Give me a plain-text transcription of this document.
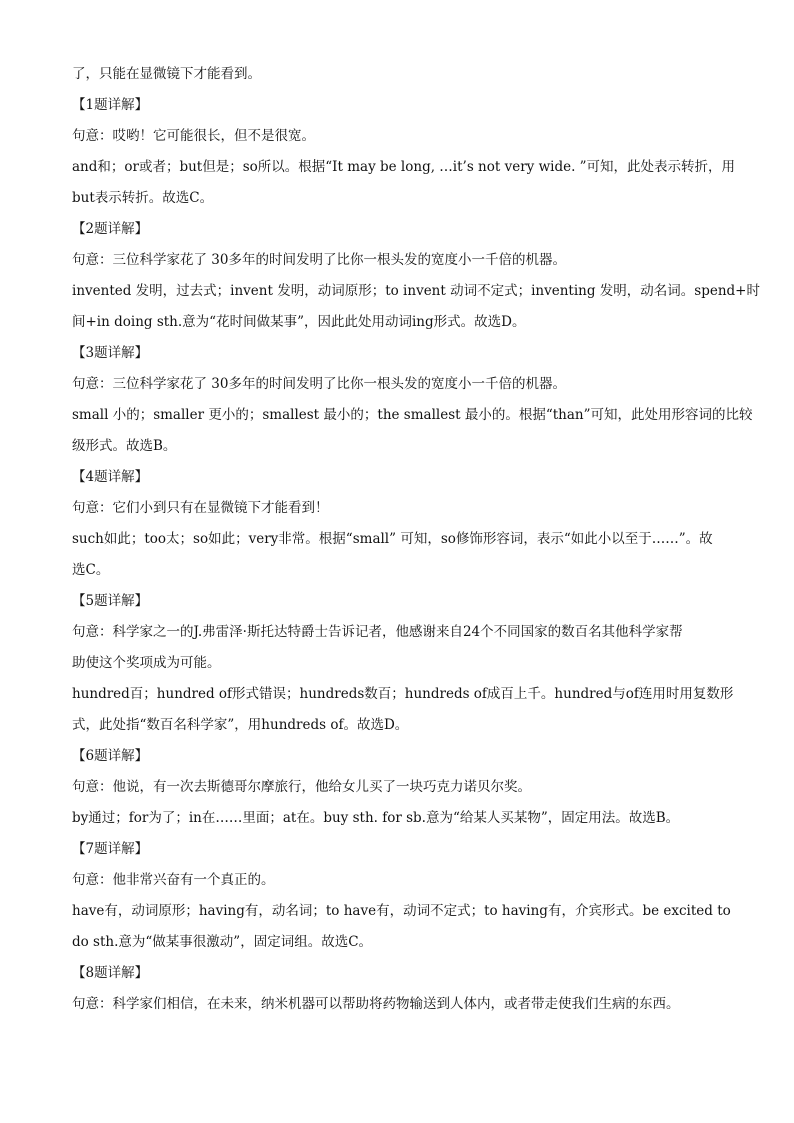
了，只能在显微镜下才能看到。

【1题详解】

句意：哎哟！它可能很长，但不是很宽。

and和；or或者；but但是；so所以。根据“It may be long, …it’s not very wide. ”可知，此处表示转折，用

but表示转折。故选C。

【2题详解】

句意：三位科学家花了 30多年的时间发明了比你一根头发的宽度小一千倍的机器。

invented 发明，过去式；invent 发明，动词原形；to invent 动词不定式；inventing 发明，动名词。spend+时

间+in doing sth.意为“花时间做某事”，因此此处用动词ing形式。故选D。

【3题详解】

句意：三位科学家花了 30多年的时间发明了比你一根头发的宽度小一千倍的机器。

small 小的；smaller 更小的；smallest 最小的；the smallest 最小的。根据“than”可知，此处用形容词的比较

级形式。故选B。

【4题详解】

句意：它们小到只有在显微镜下才能看到！

such如此；too太；so如此；very非常。根据“small” 可知，so修饰形容词，表示“如此小以至于……”。故

选C。

【5题详解】

句意：科学家之一的J.弗雷泽·斯托达特爵士告诉记者，他感谢来自24个不同国家的数百名其他科学家帮

助使这个奖项成为可能。

hundred百；hundred of形式错误；hundreds数百；hundreds of成百上千。hundred与of连用时用复数形

式，此处指“数百名科学家”，用hundreds of。故选D。

【6题详解】

句意：他说，有一次去斯德哥尔摩旅行，他给女儿买了一块巧克力诺贝尔奖。

by通过；for为了；in在……里面；at在。buy sth. for sb.意为“给某人买某物”，固定用法。故选B。

【7题详解】

句意：他非常兴奋有一个真正的。

have有，动词原形；having有，动名词；to have有，动词不定式；to having有，介宾形式。be excited to

do sth.意为“做某事很激动”，固定词组。故选C。

【8题详解】

句意：科学家们相信，在未来，纳米机器可以帮助将药物输送到人体内，或者带走使我们生病的东西。
